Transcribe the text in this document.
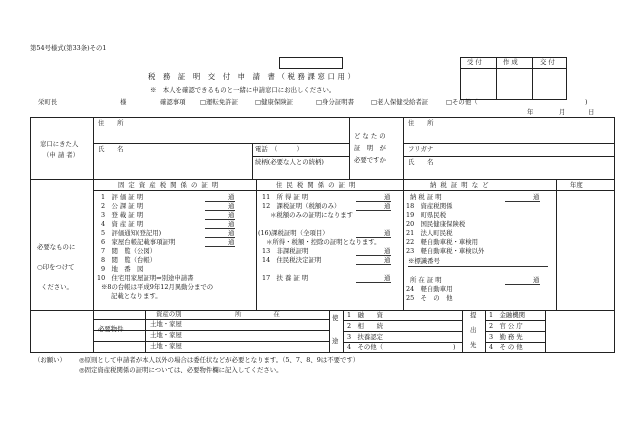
第54号様式(第33条)その1
受 付	作 成	交 付
税 務 証 明 交 付 申 請 書（税務課窓口用）
※　本人を確認できるものと一緒に申請窓口にお出しください。
栄町長	様	確認事項 □運転免許証	□健康保険証	□身分証明書	□老人保健受給者証	□その他（	)
年	月	日
窓口にきた人
（申 請 者）
住　　所
氏　　名	電話　（　　　）
続柄(必要な人との続柄)
ど な た の
証　明　が
必要ですか
住　　所
フリガナ
氏　　名
固 定 資 産 税 関 係 の 証 明	住 民 税 関 係 の 証 明	納 税 証 明 な ど	年度
必要なものに
○印をつけて
ください。
1　評 価 証 明	通
2　公 課 証 明	通
3　登 載 証 明	通
4　資 産 証 明	通
5　評価通知(登記用)	通
6　家屋台帳記載事項証明	通
7　閲　覧（公図）
8　閲　覧（台帳）
9　地　番　図
10　住宅用家屋証明⇒別途申請書
※8の台帳は平成9年12月異動分までの
記載となります。
11　所 得 証 明	通
12　課税証明（税額のみ）	通
＊税額のみの証明になります
(16)課税証明（全項目）	通
＊所得・税額・控除の証明となります。
13　非課税証明	通
14　住民税決定証明	通
17　扶 養 証 明	通
納 税 証 明	通
18　資産税関係
19　町県民税
20　国民健康保険税
21　法人町民税
22　軽自動車税・車検用
23　軽自動車税・車検以外
※標識番号
所 在 証 明	通
24　軽自動車用
25　そ　の　他
必要物件
資産の別	所　　　　　在
土地・家屋
土地・家屋
土地・家屋
使
途
1　融　　資
2　相　　続
3　扶養認定
4　その他（	)
提
出
先
1　金融機関
2　官 公 庁
3　勤 務 先
4　そ の 他
（お願い） ◎原則として申請者が本人以外の場合は委任状などが必要となります。（5、7、8、9は不要です）
◎固定資産税関係の証明については、必要物件欄に記入してください。
